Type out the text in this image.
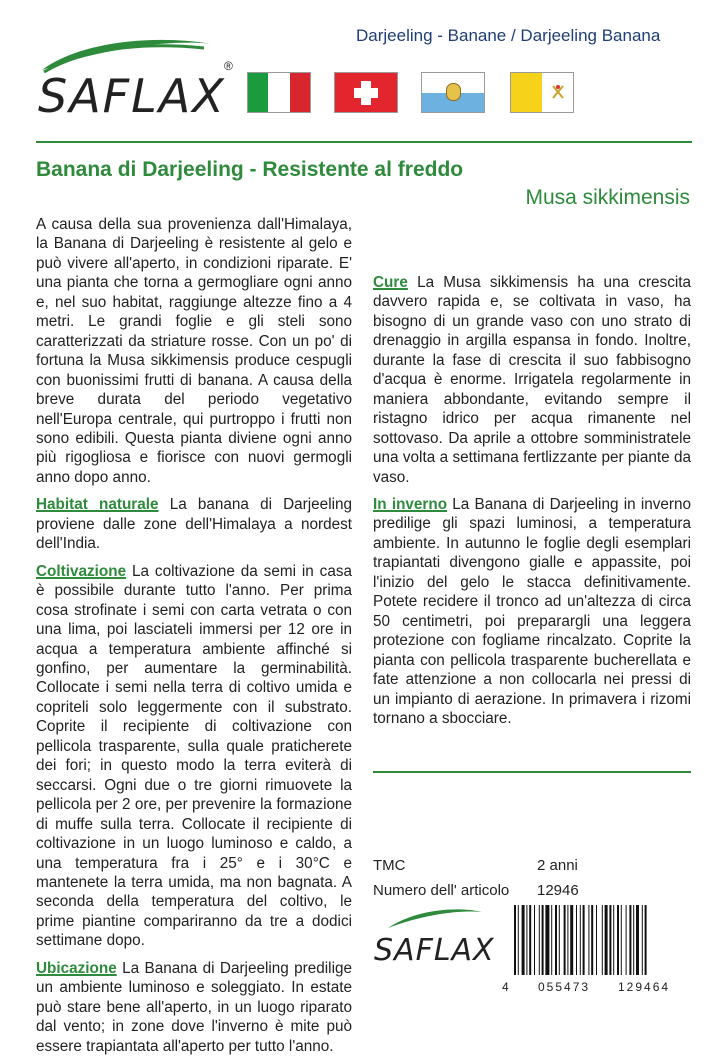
Darjeeling - Banane / Darjeeling Banana
SAFLAX
®
Banana di Darjeeling - Resistente al freddo
Musa sikkimensis

A causa della sua provenienza dall'Himalaya, la Banana di Darjeeling è resistente al gelo e può vivere all'aperto, in condizioni riparate. E' una pianta che torna a germogliare ogni anno e, nel suo habitat, raggiunge altezze fino a 4 metri. Le grandi foglie e gli steli sono caratterizzati da striature rosse. Con un po' di fortuna la Musa sikkimensis produce cespugli con buonissimi frutti di banana. A causa della breve durata del periodo vegetativo nell'Europa centrale, qui purtroppo i frutti non sono edibili. Questa pianta diviene ogni anno più rigogliosa e fiorisce con nuovi germogli anno dopo anno.

Habitat naturale La banana di Darjeeling proviene dalle zone dell'Himalaya a nordest dell'India.

Coltivazione La coltivazione da semi in casa è possibile durante tutto l'anno. Per prima cosa strofinate i semi con carta vetrata o con una lima, poi lasciateli immersi per 12 ore in acqua a temperatura ambiente affinché si gonfino, per aumentare la germinabilità. Collocate i semi nella terra di coltivo umida e copriteli solo leggermente con il substrato. Coprite il recipiente di coltivazione con pellicola trasparente, sulla quale praticherete dei fori; in questo modo la terra eviterà di seccarsi. Ogni due o tre giorni rimuovete la pellicola per 2 ore, per prevenire la formazione di muffe sulla terra. Collocate il recipiente di coltivazione in un luogo luminoso e caldo, a una temperatura fra i 25° e i 30°C e mantenete la terra umida, ma non bagnata. A seconda della temperatura del coltivo, le prime piantine compariranno da tre a dodici settimane dopo.

Ubicazione La Banana di Darjeeling predilige un ambiente luminoso e soleggiato. In estate può stare bene all'aperto, in un luogo riparato dal vento; in zone dove l'inverno è mite può essere trapiantata all'aperto per tutto l'anno.

Cure La Musa sikkimensis ha una crescita davvero rapida e, se coltivata in vaso, ha bisogno di un grande vaso con uno strato di drenaggio in argilla espansa in fondo. Inoltre, durante la fase di crescita il suo fabbisogno d'acqua è enorme. Irrigatela regolarmente in maniera abbondante, evitando sempre il ristagno idrico per acqua rimanente nel sottovaso. Da aprile a ottobre somministratele una volta a settimana fertlizzante per piante da vaso.

In inverno La Banana di Darjeeling in inverno predilige gli spazi luminosi, a temperatura ambiente. In autunno le foglie degli esemplari trapiantati divengono gialle e appassite, poi l'inizio del gelo le stacca definitivamente. Potete recidere il tronco ad un'altezza di circa 50 centimetri, poi preparargli una leggera protezione con fogliame rincalzato. Coprite la pianta con pellicola trasparente bucherellata e fate attenzione a non collocarla nei pressi di un impianto di aerazione. In primavera i rizomi tornano a sbocciare.

TMC	2 anni
Numero dell' articolo 12946
SAFLAX
4 055473 129464
